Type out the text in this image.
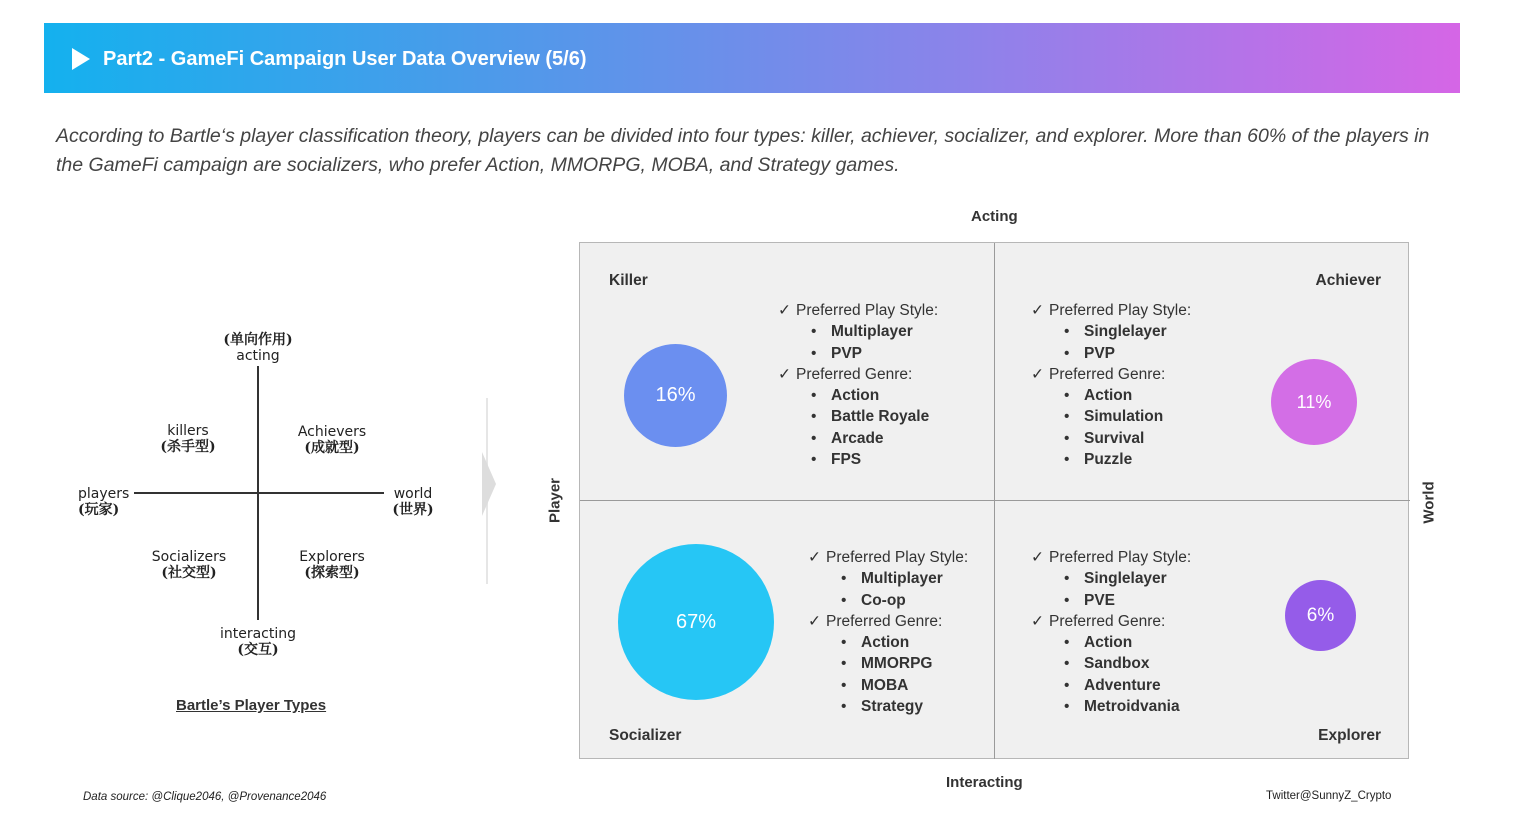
Part2 - GameFi Campaign User Data Overview (5/6)
According to Bartle‘s player classification theory, players can be divided into four types: killer, achiever, socializer, and explorer. More than 60% of the players in the GameFi campaign are socializers, who prefer Action, MMORPG, MOBA, and Strategy games.
(单向作用)
acting
killers
(杀手型)
Achievers
(成就型)
players
(玩家)
world
(世界)
Socializers
(社交型)
Explorers
(探索型)
interacting
(交互)
Bartle’s Player Types
Acting
Interacting
Player	World
Killer
16%
✓ Preferred Play Style:
• Multiplayer
• PVP
✓ Preferred Genre:
• Action
• Battle Royale
• Arcade
• FPS
Achiever
11%
✓ Preferred Play Style:
• Singlelayer
• PVP
✓ Preferred Genre:
• Action
• Simulation
• Survival
• Puzzle
Socializer
67%
✓ Preferred Play Style:
• Multiplayer
• Co-op
✓ Preferred Genre:
• Action
• MMORPG
• MOBA
• Strategy
Explorer
6%
✓ Preferred Play Style:
• Singlelayer
• PVE
✓ Preferred Genre:
• Action
• Sandbox
• Adventure
• Metroidvania
Data source: @Clique2046, @Provenance2046	Twitter@SunnyZ_Crypto
